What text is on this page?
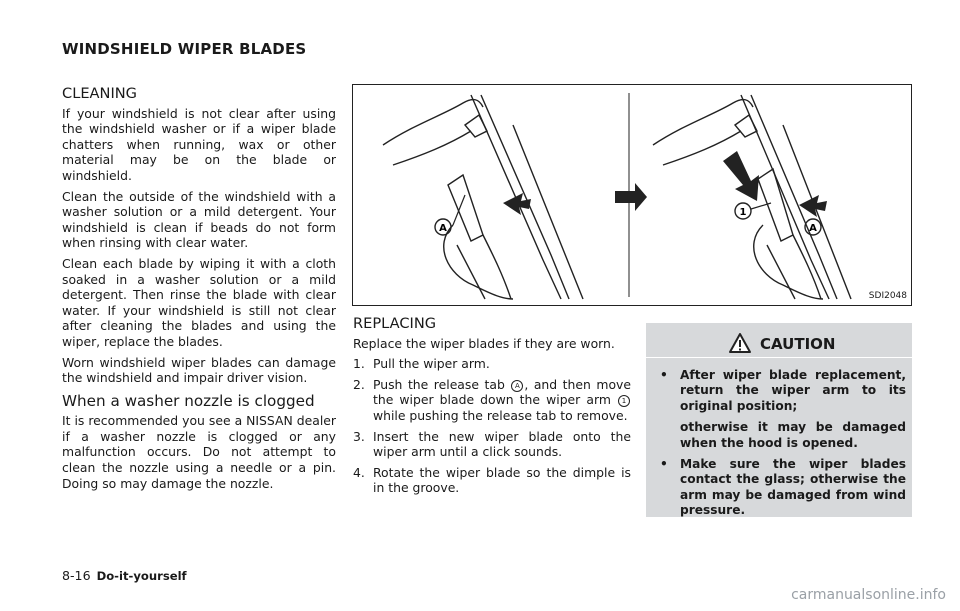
WINDSHIELD WIPER BLADES
CLEANING

If your windshield is not clear after using the windshield washer or if a wiper blade chatters when running, wax or other material may be on the blade or windshield.

Clean the outside of the windshield with a washer solution or a mild detergent. Your windshield is clean if beads do not form when rinsing with clear water.

Clean each blade by wiping it with a cloth soaked in a washer solution or a mild detergent. Then rinse the blade with clear water. If your windshield is still not clear after cleaning the blades and using the wiper, replace the blades.

Worn windshield wiper blades can damage the windshield and impair driver vision.

When a washer nozzle is clogged

It is recommended you see a NISSAN dealer if a washer nozzle is clogged or any malfunction occurs. Do not attempt to clean the nozzle using a needle or a pin. Doing so may damage the nozzle.

A
1
A
SDI2048
REPLACING

Replace the wiper blades if they are worn.

1. Pull the wiper arm.
2. Push the release tab A , and then move the wiper blade down the wiper arm 1 while pushing the release tab to remove.
3. Insert the new wiper blade onto the wiper arm until a click sounds.
4. Rotate the wiper blade so the dimple is in the groove.
CAUTION
•	After wiper blade replacement, return the wiper arm to its original position;
otherwise it may be damaged when the hood is opened.
•	Make sure the wiper blades contact the glass; otherwise the arm may be damaged from wind pressure.
8-16 Do-it-yourself
carmanualsonline.info
